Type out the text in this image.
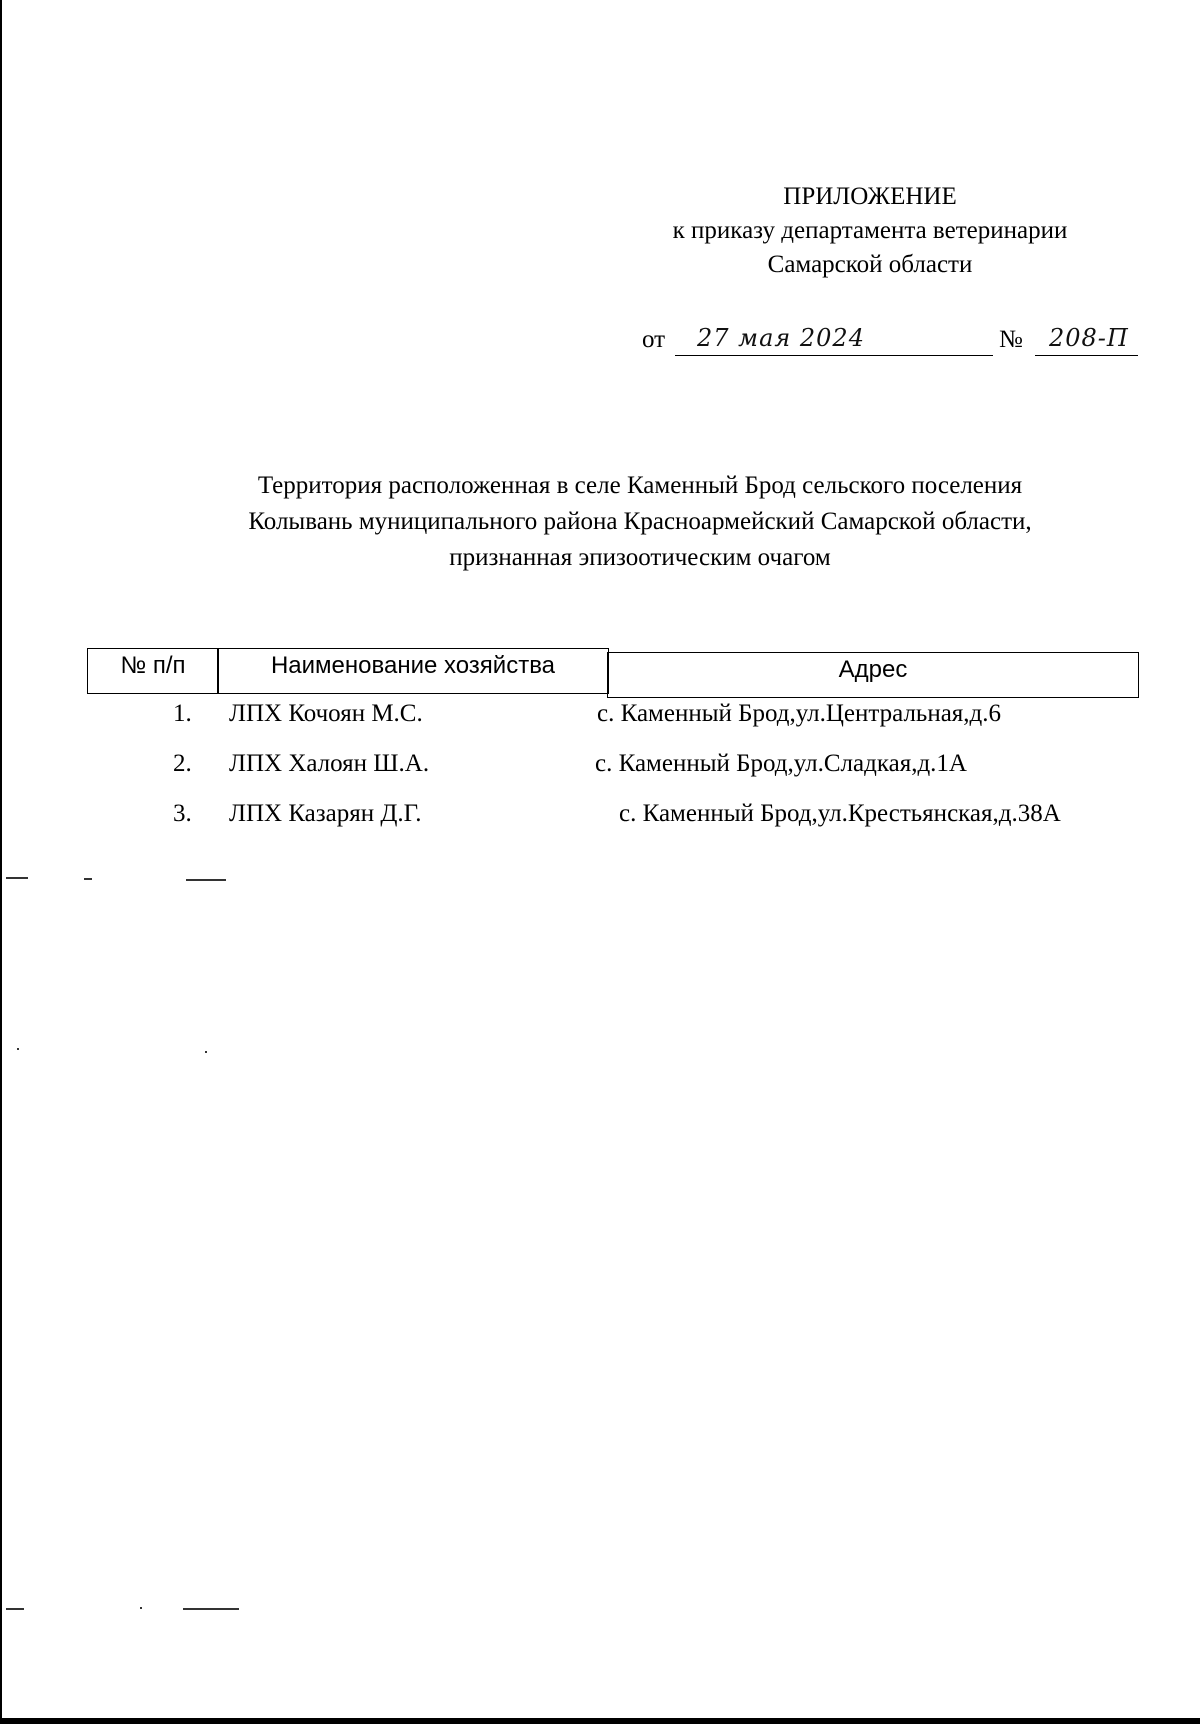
ПРИЛОЖЕНИЕ
к приказу департамента ветеринарии
Самарской области
от 27 мая 2024	№ 208-П
Территория расположенная в селе Каменный Брод сельского поселения
Колывань муниципального района Красноармейский Самарской области,
признанная эпизоотическим очагом
№ п/п	Наименование хозяйства	Адрес
1. ЛПХ Кочоян М.С.	с. Каменный Брод,ул.Центральная,д.6
2. ЛПХ Халоян Ш.А.	с. Каменный Брод,ул.Сладкая,д.1А
3. ЛПХ Казарян Д.Г.	с. Каменный Брод,ул.Крестьянская,д.38А
